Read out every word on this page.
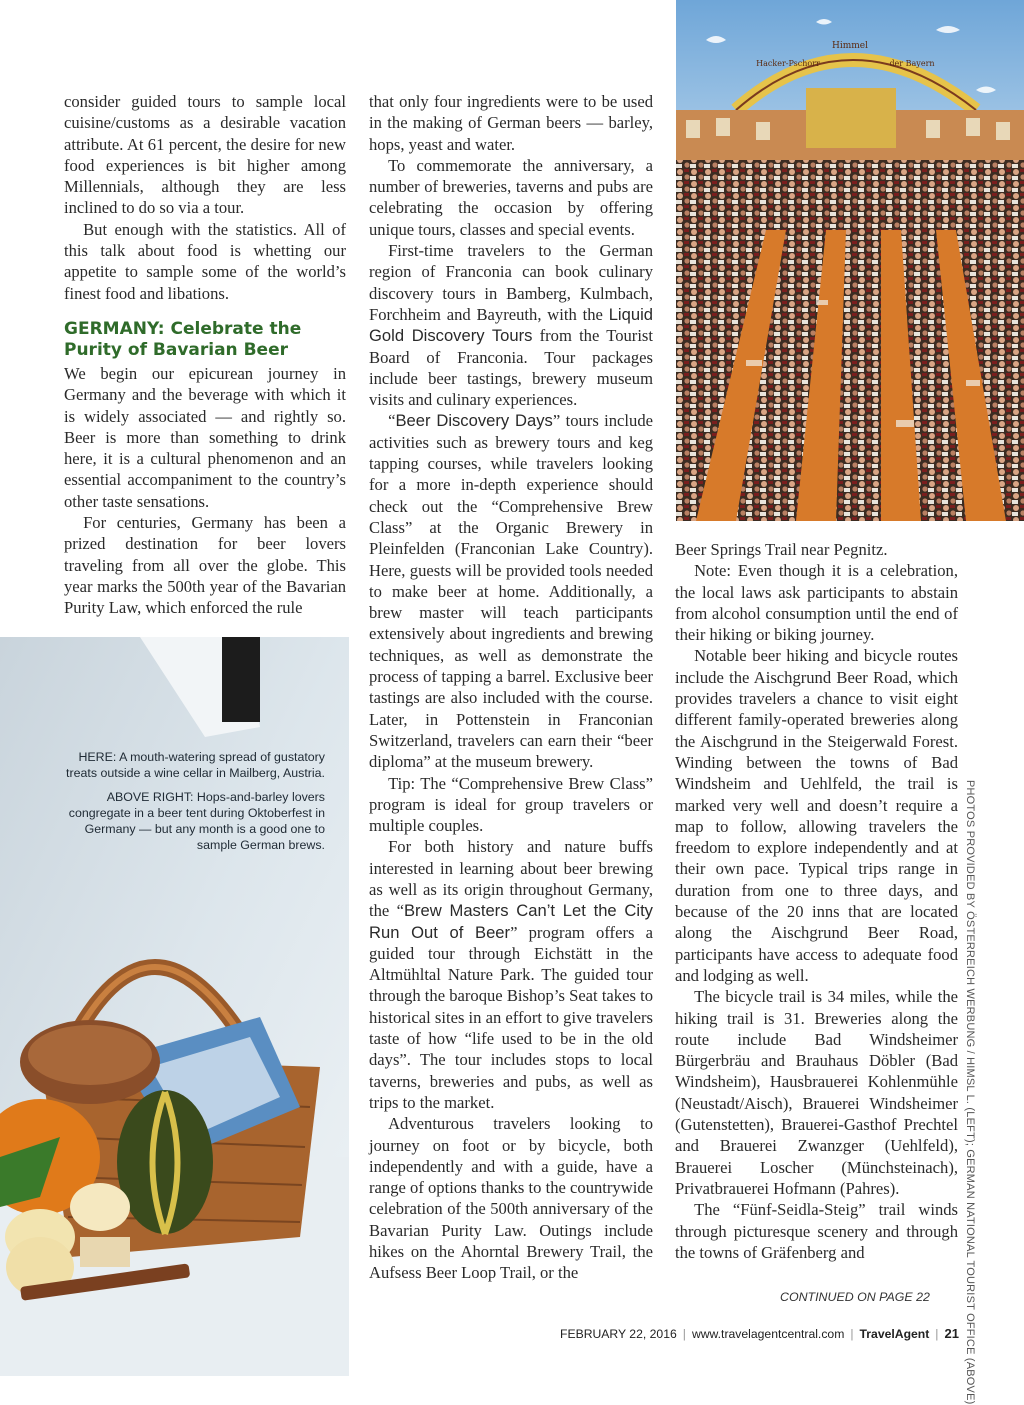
Himmel
der Bayern
Hacker-Pschorr

consider guided tours to sample local cuisine/customs as a desirable vacation attribute. At 61 percent, the desire for new food experiences is bit higher among Millennials, although they are less inclined to do so via a tour.

But enough with the statistics. All of this talk about food is whetting our appetite to sample some of the world’s finest food and libations.

GERMANY: Celebrate the Purity of Bavarian Beer

We begin our epicurean journey in Germany and the beverage with which it is widely associated — and rightly so. Beer is more than something to drink here, it is a cultural phenomenon and an essential accompaniment to the country’s other taste sensations.

For centuries, Germany has been a prized destination for beer lovers traveling from all over the globe. This year marks the 500th year of the Bavarian Purity Law, which enforced the rule

that only four ingredients were to be used in the making of German beers — barley, hops, yeast and water.

To commemorate the anniversary, a number of breweries, taverns and pubs are celebrating the occasion by offering unique tours, classes and special events.

First-time travelers to the German region of Franconia can book culinary discovery tours in Bamberg, Kulmbach, Forchheim and Bayreuth, with the Liquid Gold Discovery Tours from the Tourist Board of Franconia. Tour packages include beer tastings, brewery museum visits and culinary experiences.

“Beer Discovery Days” tours include activities such as brewery tours and keg tapping courses, while travelers looking for a more in-depth experience should check out the “Comprehensive Brew Class” at the Organic Brewery in Pleinfelden (Franconian Lake Country). Here, guests will be provided tools needed to make beer at home. Additionally, a brew master will teach participants extensively about ingredients and brewing techniques, as well as demonstrate the process of tapping a barrel. Exclusive beer tastings are also included with the course. Later, in Pottenstein in Franconian Switzerland, travelers can earn their “beer diploma” at the museum brewery.

Tip: The “Comprehensive Brew Class” program is ideal for group travelers or multiple couples.

For both history and nature buffs interested in learning about beer brewing as well as its origin throughout Germany, the “Brew Masters Can’t Let the City Run Out of Beer” program offers a guided tour through Eichstätt in the Altmühltal Nature Park. The guided tour through the baroque Bishop’s Seat takes to historical sites in an effort to give travelers taste of how “life used to be in the old days”. The tour includes stops to local taverns, breweries and pubs, as well as trips to the market.

Adventurous travelers looking to journey on foot or by bicycle, both independently and with a guide, have a range of options thanks to the countrywide celebration of the 500th anniversary of the Bavarian Purity Law. Outings include hikes on the Ahorntal Brewery Trail, the Aufsess Beer Loop Trail, or the

Beer Springs Trail near Pegnitz.

Note: Even though it is a celebration, the local laws ask participants to abstain from alcohol consumption until the end of their hiking or biking journey.

Notable beer hiking and bicycle routes include the Aischgrund Beer Road, which provides travelers a chance to visit eight different family-operated breweries along the Aischgrund in the Steigerwald Forest. Winding between the towns of Bad Windsheim and Uehlfeld, the trail is marked very well and doesn’t require a map to follow, allowing travelers the freedom to explore independently and at their own pace. Typical trips range in duration from one to three days, and because of the 20 inns that are located along the Aischgrund Beer Road, participants have access to adequate food and lodging as well.

The bicycle trail is 34 miles, while the hiking trail is 31. Breweries along the route include Bad Windsheimer Bürgerbräu and Brauhaus Döbler (Bad Windsheim), Hausbrauerei Kohlenmühle (Neustadt/Aisch), Brauerei Windsheimer (Gutenstetten), Brauerei-Gasthof Prechtel and Brauerei Zwanzger (Uehlfeld), Brauerei Loscher (Münchsteinach), Privatbrauerei Hofmann (Pahres).

The “Fünf-Seidla-Steig” trail winds through picturesque scenery and through the towns of Gräfenberg and

HERE: A mouth-watering spread of gustatory treats outside a wine cellar in Mailberg, Austria.

ABOVE RIGHT: Hops-and-barley lovers congregate in a beer tent during Oktoberfest in Germany — but any month is a good one to sample German brews.	PHOTOS PROVIDED BY ÖSTERREICH WERBUNG / HIMSL L. (LEFT); GERMAN NATIONAL TOURIST OFFICE (ABOVE)
CONTINUED ON PAGE 22
FEBRUARY 22, 2016 | www.travelagentcentral.com | TravelAgent | 21
